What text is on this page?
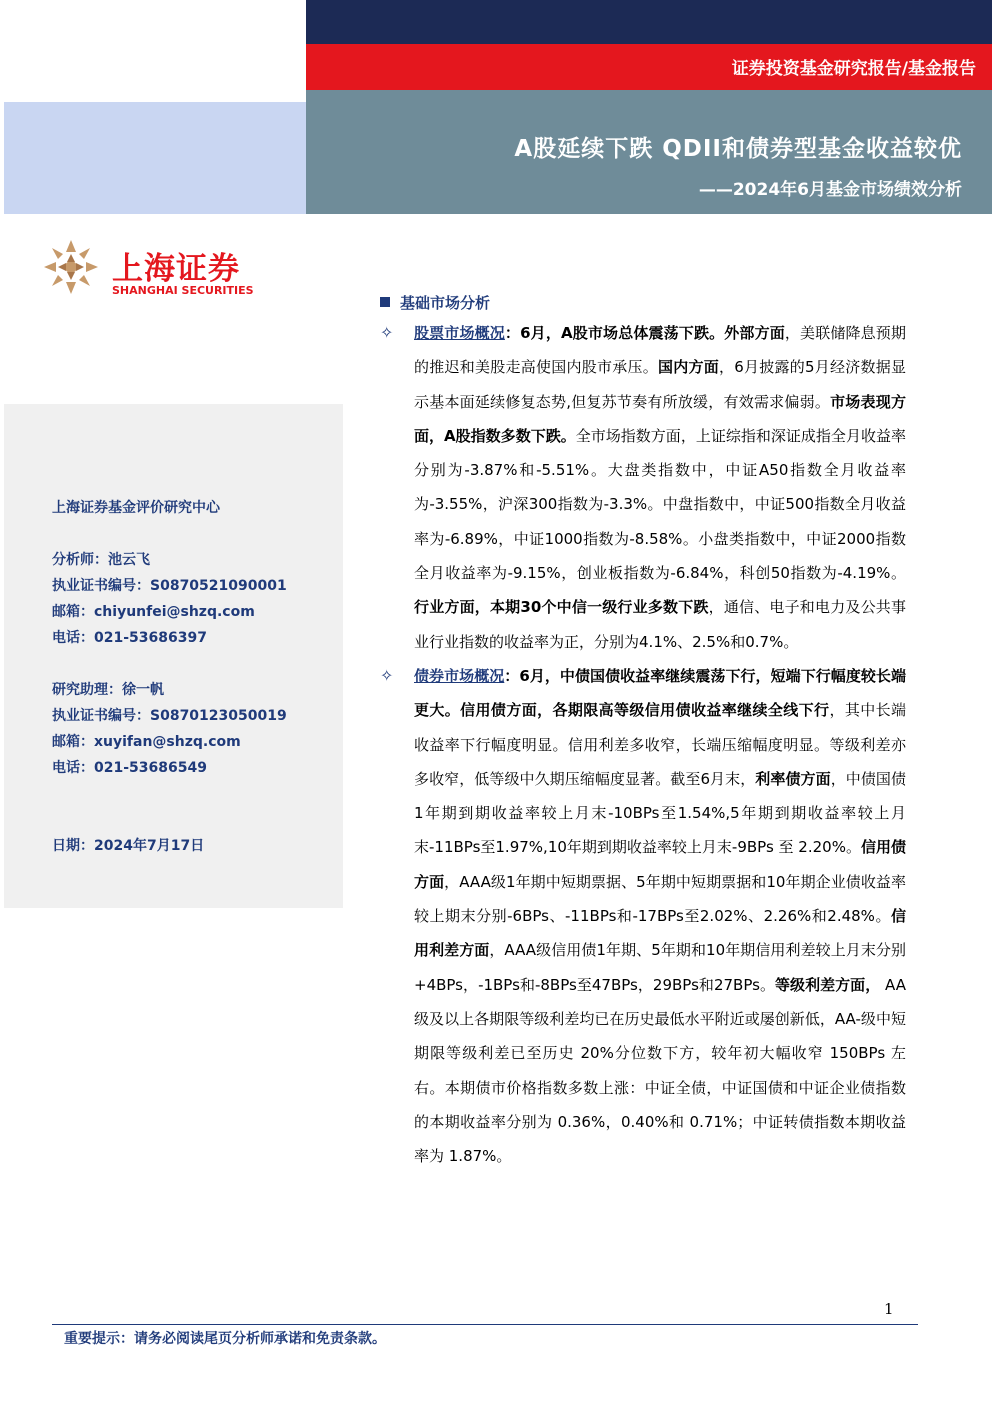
证券投资基金研究报告/基金报告
A股延续下跌 QDII和债券型基金收益较优
——2024年6月基金市场绩效分析
上海证券
SHANGHAI SECURITIES
上海证券基金评价研究中心
分析师：池云飞
执业证书编号：S0870521090001
邮箱：chiyunfei@shzq.com
电话：021-53686397
研究助理：徐一帆
执业证书编号：S0870123050019
邮箱：xuyifan@shzq.com
电话：021-53686549
日期：2024年7月17日
基础市场分析
✧ 股票市场概况：6月，A股市场总体震荡下跌。外部方面，美联储降息预期的推迟和美股走高使国内股市承压。国内方面，6月披露的5月经济数据显示基本面延续修复态势,但复苏节奏有所放缓，有效需求偏弱。市场表现方面，A股指数多数下跌。全市场指数方面，上证综指和深证成指全月收益率分别为-3.87%和-5.51%。大盘类指数中，中证A50指数全月收益率为-3.55%，沪深300指数为-3.3%。中盘指数中，中证500指数全月收益率为-6.89%，中证1000指数为-8.58%。小盘类指数中，中证2000指数全月收益率为-9.15%，创业板指数为-6.84%，科创50指数为-4.19%。行业方面，本期30个中信一级行业多数下跌，通信、电子和电力及公共事业行业指数的收益率为正，分别为4.1%、2.5%和0.7%。
✧ 债券市场概况：6月，中债国债收益率继续震荡下行，短端下行幅度较长端更大。信用债方面，各期限高等级信用债收益率继续全线下行，其中长端收益率下行幅度明显。信用利差多收窄，长端压缩幅度明显。等级利差亦多收窄，低等级中久期压缩幅度显著。截至6月末，利率债方面，中债国债1年期到期收益率较上月末-10BPs至1.54%,5年期到期收益率较上月末-11BPs至1.97%,10年期到期收益率较上月末-9BPs 至 2.20%。信用债方面，AAA级1年期中短期票据、5年期中短期票据和10年期企业债收益率较上期末分别-6BPs、-11BPs和-17BPs至2.02%、2.26%和2.48%。信用利差方面，AAA级信用债1年期、5年期和10年期信用利差较上月末分别+4BPs，-1BPs和-8BPs至47BPs，29BPs和27BPs。等级利差方面， AA级及以上各期限等级利差均已在历史最低水平附近或屡创新低，AA-级中短期限等级利差已至历史 20%分位数下方，较年初大幅收窄 150BPs 左右。本期债市价格指数多数上涨：中证全债，中证国债和中证企业债指数的本期收益率分别为 0.36%，0.40%和 0.71%；中证转债指数本期收益率为 1.87%。
1
重要提示：请务必阅读尾页分析师承诺和免责条款。
